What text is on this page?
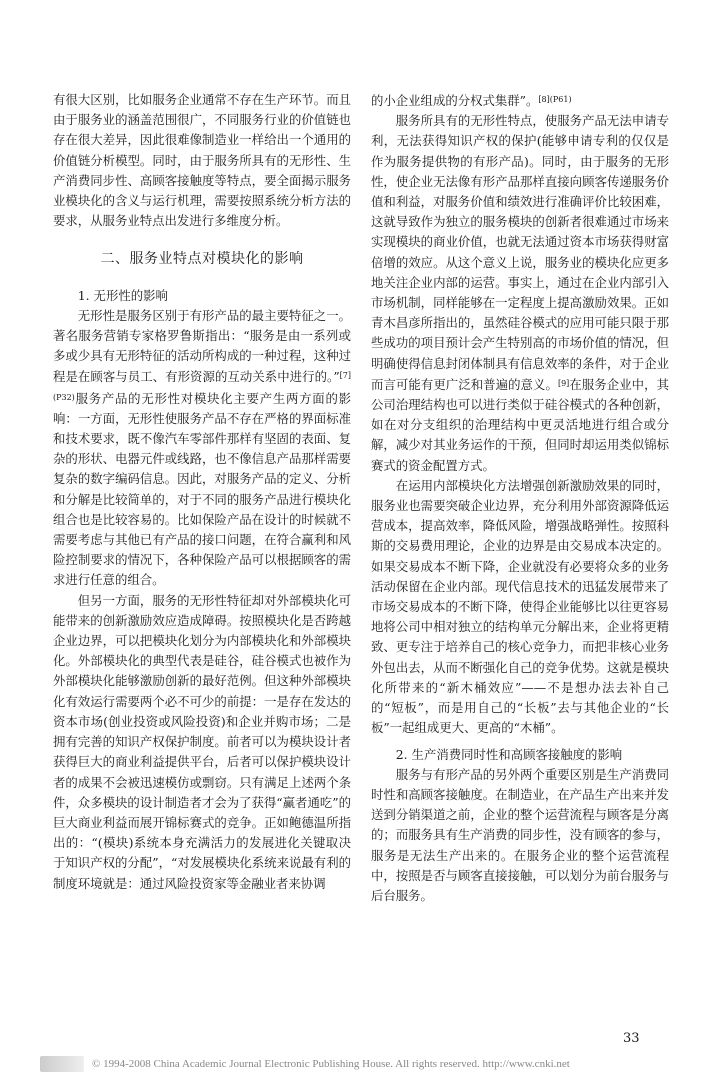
有很大区别，比如服务企业通常不存在生产环节。而且由于服务业的涵盖范围很广，不同服务行业的价值链也存在很大差异，因此很难像制造业一样给出一个通用的价值链分析模型。同时，由于服务所具有的无形性、生产消费同步性、高顾客接触度等特点，要全面揭示服务业模块化的含义与运行机理，需要按照系统分析方法的要求，从服务业特点出发进行多维度分析。

二、服务业特点对模块化的影响

1. 无形性的影响

无形性是服务区别于有形产品的最主要特征之一。著名服务营销专家格罗鲁斯指出：“服务是由一系列或多或少具有无形特征的活动所构成的一种过程，这种过程是在顾客与员工、有形资源的互动关系中进行的。”$^{[7](P32)}$服务产品的无形性对模块化主要产生两方面的影响：一方面，无形性使服务产品不存在严格的界面标准和技术要求，既不像汽车零部件那样有坚固的表面、复杂的形状、电器元件或线路，也不像信息产品那样需要复杂的数字编码信息。因此，对服务产品的定义、分析和分解是比较简单的，对于不同的服务产品进行模块化组合也是比较容易的。比如保险产品在设计的时候就不需要考虑与其他已有产品的接口问题，在符合赢利和风险控制要求的情况下，各种保险产品可以根据顾客的需求进行任意的组合。

但另一方面，服务的无形性特征却对外部模块化可能带来的创新激励效应造成障碍。按照模块化是否跨越企业边界，可以把模块化划分为内部模块化和外部模块化。外部模块化的典型代表是硅谷，硅谷模式也被作为外部模块化能够激励创新的最好范例。但这种外部模块化有效运行需要两个必不可少的前提：一是存在发达的资本市场(创业投资或风险投资)和企业并购市场；二是拥有完善的知识产权保护制度。前者可以为模块设计者获得巨大的商业利益提供平台，后者可以保护模块设计者的成果不会被迅速模仿或剽窃。只有满足上述两个条件，众多模块的设计制造者才会为了获得“赢者通吃”的巨大商业利益而展开锦标赛式的竞争。正如鲍德温所指出的：“(模块)系统本身充满活力的发展进化关键取决于知识产权的分配”，“对发展模块化系统来说最有利的制度环境就是：通过风险投资家等金融业者来协调

的小企业组成的分权式集群”。$^{[8](P61)}$

服务所具有的无形性特点，使服务产品无法申请专利，无法获得知识产权的保护(能够申请专利的仅仅是作为服务提供物的有形产品)。同时，由于服务的无形性，使企业无法像有形产品那样直接向顾客传递服务价值和利益，对服务价值和绩效进行准确评价比较困难，这就导致作为独立的服务模块的创新者很难通过市场来实现模块的商业价值，也就无法通过资本市场获得财富倍增的效应。从这个意义上说，服务业的模块化应更多地关注企业内部的运营。事实上，通过在企业内部引入市场机制，同样能够在一定程度上提高激励效果。正如青木昌彦所指出的，虽然硅谷模式的应用可能只限于那些成功的项目预计会产生特别高的市场价值的情况，但明确使得信息封闭体制具有信息效率的条件，对于企业而言可能有更广泛和普遍的意义。[9]在服务企业中，其公司治理结构也可以进行类似于硅谷模式的各种创新，如在对分支组织的治理结构中更灵活地进行组合或分解，减少对其业务运作的干预，但同时却运用类似锦标赛式的资金配置方式。

在运用内部模块化方法增强创新激励效果的同时，服务业也需要突破企业边界，充分利用外部资源降低运营成本，提高效率，降低风险，增强战略弹性。按照科斯的交易费用理论，企业的边界是由交易成本决定的。如果交易成本不断下降，企业就没有必要将众多的业务活动保留在企业内部。现代信息技术的迅猛发展带来了市场交易成本的不断下降，使得企业能够比以往更容易地将公司中相对独立的结构单元分解出来，企业将更精致、更专注于培养自己的核心竞争力，而把非核心业务外包出去，从而不断强化自己的竞争优势。这就是模块化所带来的“新木桶效应”——不是想办法去补自己的“短板”，而是用自己的“长板”去与其他企业的“长板”一起组成更大、更高的“木桶”。

2. 生产消费同时性和高顾客接触度的影响

服务与有形产品的另外两个重要区别是生产消费同时性和高顾客接触度。在制造业，在产品生产出来并发送到分销渠道之前，企业的整个运营流程与顾客是分离的；而服务具有生产消费的同步性，没有顾客的参与，服务是无法生产出来的。在服务企业的整个运营流程中，按照是否与顾客直接接触，可以划分为前台服务与后台服务。

33
© 1994-2008 China Academic Journal Electronic Publishing House. All rights reserved. http://www.cnki.net
